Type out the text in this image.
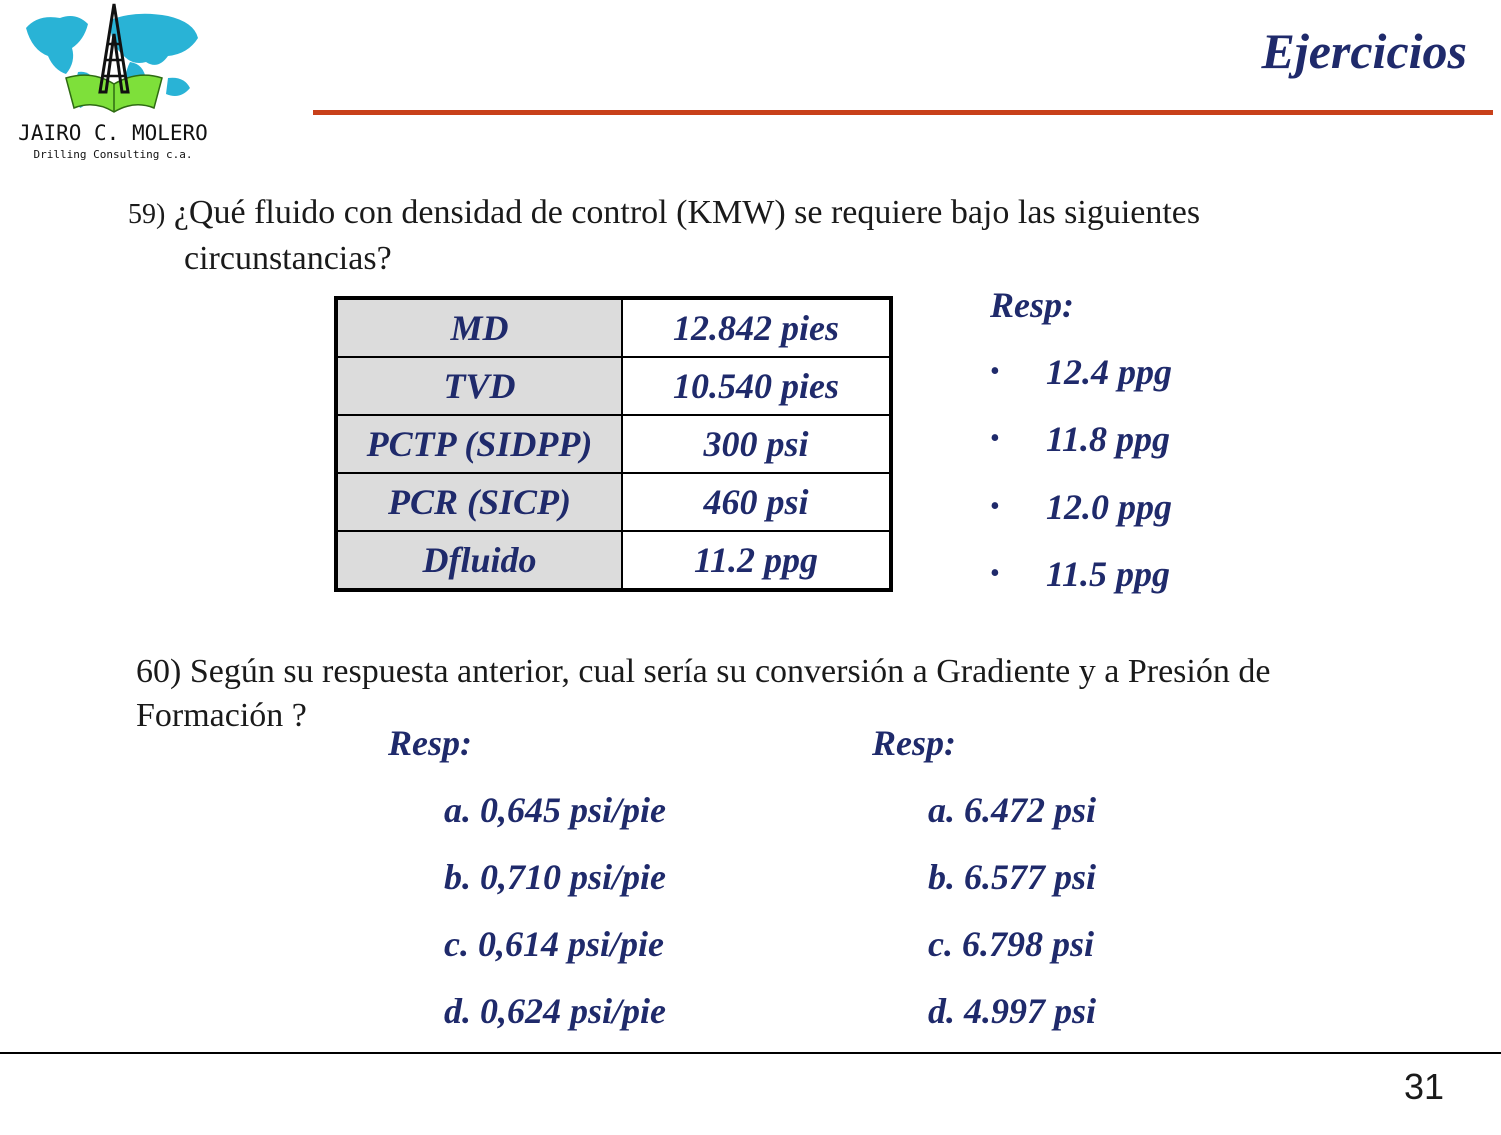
JAIRO C. MOLERO
Drilling Consulting c.a.
Ejercicios
59) ¿Qué fluido con densidad de control (KMW) se requiere bajo las siguientes
circunstancias?
MD	12.842 pies
TVD	10.540 pies
PCTP (SIDPP)	300 psi
PCR (SICP)	460 psi
Dfluido	11.2 ppg
Resp:
• 12.4 ppg
• 11.8 ppg
• 12.0 ppg
• 11.5 ppg
60) Según su respuesta anterior, cual sería su conversión a Gradiente y a Presión de
Formación ?
Resp:
a. 0,645 psi/pie
b. 0,710 psi/pie
c. 0,614 psi/pie
d. 0,624 psi/pie
Resp:
a. 6.472 psi
b. 6.577 psi
c. 6.798 psi
d. 4.997 psi
31
